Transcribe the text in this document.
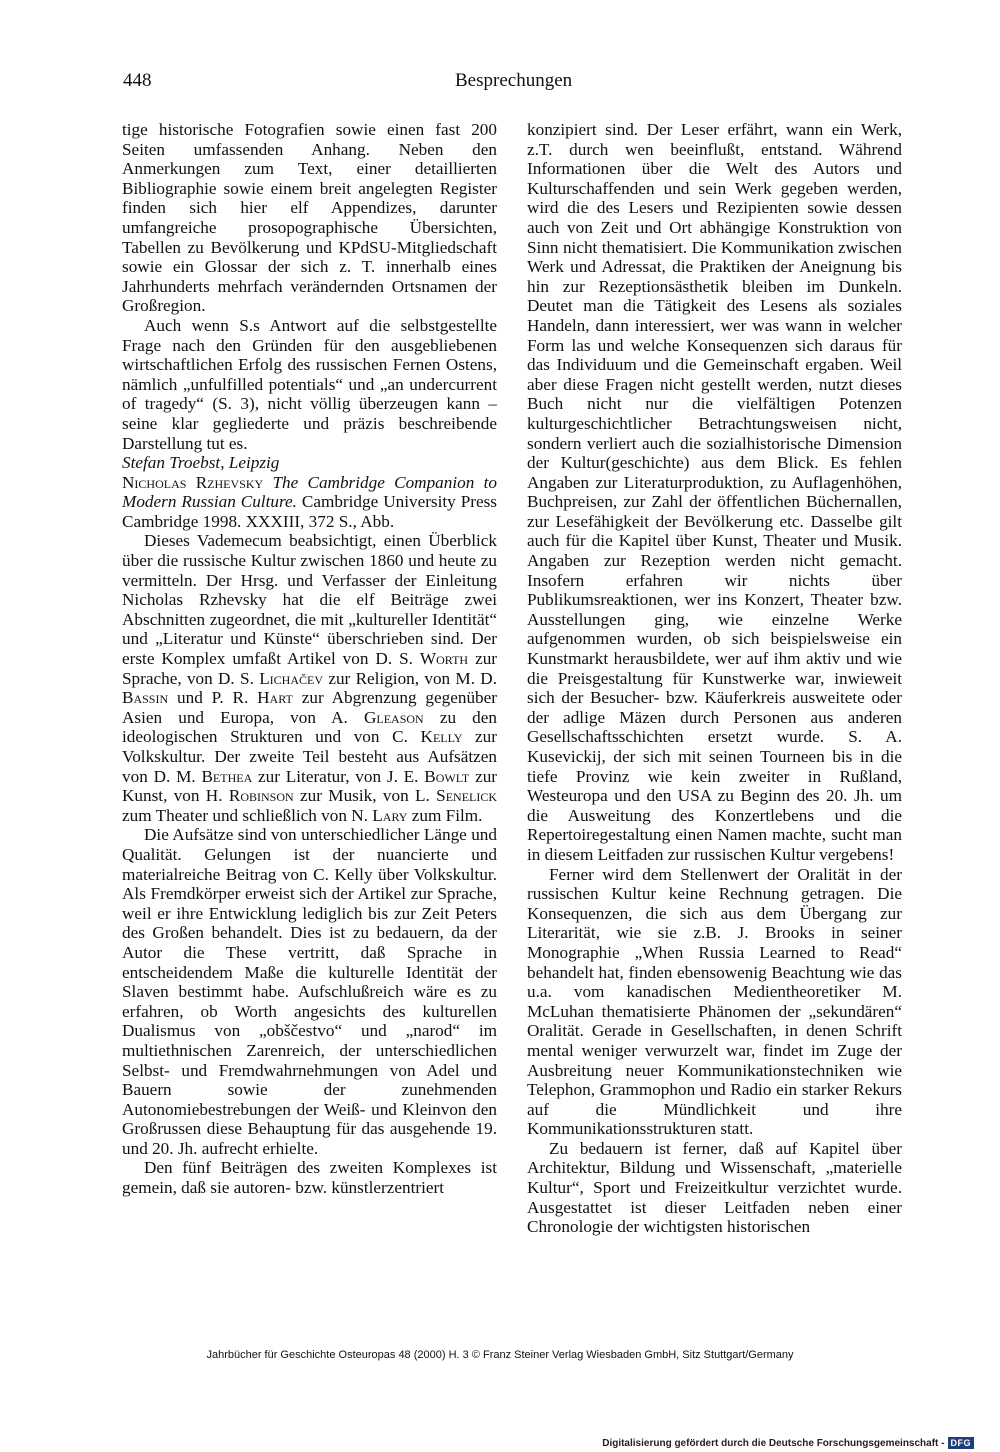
448	Besprechungen

tige historische Fotografien sowie einen fast 200 Seiten umfassenden Anhang. Neben den Anmerkungen zum Text, einer detaillierten Bibliographie sowie einem breit angelegten Register finden sich hier elf Appendizes, darunter umfangreiche prosopographische Übersichten, Tabellen zu Bevölkerung und KPdSU-Mitgliedschaft sowie ein Glossar der sich z. T. innerhalb eines Jahrhunderts mehrfach verändernden Ortsnamen der Großregion.

Auch wenn S.s Antwort auf die selbstgestellte Frage nach den Gründen für den ausgebliebenen wirtschaftlichen Erfolg des russischen Fernen Ostens, nämlich „unfulfilled potentials“ und „an undercurrent of tragedy“ (S. 3), nicht völlig überzeugen kann – seine klar gegliederte und präzis beschreibende Darstellung tut es.

Stefan Troebst, Leipzig

Nicholas Rzhevsky The Cambridge Companion to Modern Russian Culture. Cambridge University Press Cambridge 1998. XXXIII, 372 S., Abb.

Dieses Vademecum beabsichtigt, einen Überblick über die russische Kultur zwischen 1860 und heute zu vermitteln. Der Hrsg. und Verfasser der Einleitung Nicholas Rzhevsky hat die elf Beiträge zwei Abschnitten zugeordnet, die mit „kultureller Identität“ und „Literatur und Künste“ überschrieben sind. Der erste Komplex umfaßt Artikel von D. S. Worth zur Sprache, von D. S. Lichačev zur Religion, von M. D. Bassin und P. R. Hart zur Abgrenzung gegenüber Asien und Europa, von A. Gleason zu den ideologischen Strukturen und von C. Kelly zur Volkskultur. Der zweite Teil besteht aus Aufsätzen von D. M. Bethea zur Literatur, von J. E. Bowlt zur Kunst, von H. Robinson zur Musik, von L. Senelick zum Theater und schließlich von N. Lary zum Film.

Die Aufsätze sind von unterschiedlicher Länge und Qualität. Gelungen ist der nuancierte und materialreiche Beitrag von C. Kelly über Volkskultur. Als Fremdkörper erweist sich der Artikel zur Sprache, weil er ihre Entwicklung lediglich bis zur Zeit Peters des Großen behandelt. Dies ist zu bedauern, da der Autor die These vertritt, daß Sprache in entscheidendem Maße die kulturelle Identität der Slaven bestimmt habe. Aufschlußreich wäre es zu erfahren, ob Worth angesichts des kulturellen Dualismus von „obščestvo“ und „narod“ im multiethnischen Zarenreich, der unterschiedlichen Selbst- und Fremdwahrnehmungen von Adel und Bauern sowie der zunehmenden Autonomiebestrebungen der Weiß- und Kleinvon den Großrussen diese Behauptung für das ausgehende 19. und 20. Jh. aufrecht erhielte.

Den fünf Beiträgen des zweiten Komplexes ist gemein, daß sie autoren- bzw. künstlerzentriert

konzipiert sind. Der Leser erfährt, wann ein Werk, z.T. durch wen beeinflußt, entstand. Während Informationen über die Welt des Autors und Kulturschaffenden und sein Werk gegeben werden, wird die des Lesers und Rezipienten sowie dessen auch von Zeit und Ort abhängige Konstruktion von Sinn nicht thematisiert. Die Kommunikation zwischen Werk und Adressat, die Praktiken der Aneignung bis hin zur Rezeptionsästhetik bleiben im Dunkeln. Deutet man die Tätigkeit des Lesens als soziales Handeln, dann interessiert, wer was wann in welcher Form las und welche Konsequenzen sich daraus für das Individuum und die Gemeinschaft ergaben. Weil aber diese Fragen nicht gestellt werden, nutzt dieses Buch nicht nur die vielfältigen Potenzen kulturgeschichtlicher Betrachtungsweisen nicht, sondern verliert auch die sozialhistorische Dimension der Kultur(geschichte) aus dem Blick. Es fehlen Angaben zur Literaturproduktion, zu Auflagenhöhen, Buchpreisen, zur Zahl der öffentlichen Büchernallen, zur Lesefähigkeit der Bevölkerung etc. Dasselbe gilt auch für die Kapitel über Kunst, Theater und Musik. Angaben zur Rezeption werden nicht gemacht. Insofern erfahren wir nichts über Publikumsreaktionen, wer ins Konzert, Theater bzw. Ausstellungen ging, wie einzelne Werke aufgenommen wurden, ob sich beispielsweise ein Kunstmarkt herausbildete, wer auf ihm aktiv und wie die Preisgestaltung für Kunstwerke war, inwieweit sich der Besucher- bzw. Käuferkreis ausweitete oder der adlige Mäzen durch Personen aus anderen Gesellschaftsschichten ersetzt wurde. S. A. Kusevickij, der sich mit seinen Tourneen bis in die tiefe Provinz wie kein zweiter in Rußland, Westeuropa und den USA zu Beginn des 20. Jh. um die Ausweitung des Konzertlebens und die Repertoiregestaltung einen Namen machte, sucht man in diesem Leitfaden zur russischen Kultur vergebens!

Ferner wird dem Stellenwert der Oralität in der russischen Kultur keine Rechnung getragen. Die Konsequenzen, die sich aus dem Übergang zur Literarität, wie sie z.B. J. Brooks in seiner Monographie „When Russia Learned to Read“ behandelt hat, finden ebensowenig Beachtung wie das u.a. vom kanadischen Medientheoretiker M. McLuhan thematisierte Phänomen der „sekundären“ Oralität. Gerade in Gesellschaften, in denen Schrift mental weniger verwurzelt war, findet im Zuge der Ausbreitung neuer Kommunikationstechniken wie Telephon, Grammophon und Radio ein starker Rekurs auf die Mündlichkeit und ihre Kommunikationsstrukturen statt.

Zu bedauern ist ferner, daß auf Kapitel über Architektur, Bildung und Wissenschaft, „materielle Kultur“, Sport und Freizeitkultur verzichtet wurde. Ausgestattet ist dieser Leitfaden neben einer Chronologie der wichtigsten historischen

Jahrbücher für Geschichte Osteuropas 48 (2000) H. 3 © Franz Steiner Verlag Wiesbaden GmbH, Sitz Stuttgart/Germany
Digitalisierung gefördert durch die Deutsche Forschungsgemeinschaft - DFG
